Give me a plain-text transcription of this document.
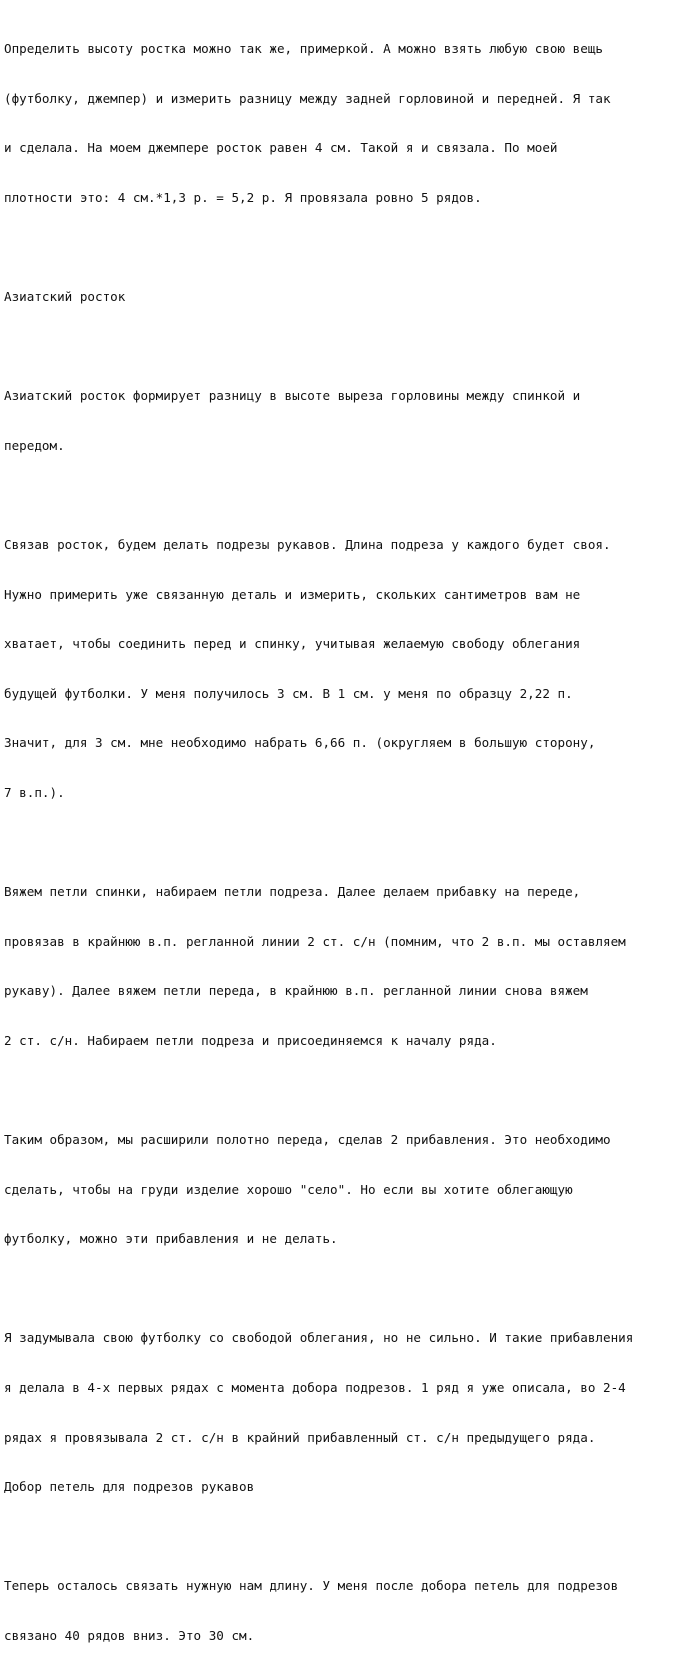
Определить высоту ростка можно так же, примеркой. А можно взять любую свою вещь

(футболку, джемпер) и измерить разницу между задней горловиной и передней. Я так

и сделала. На моем джемпере росток равен 4 см. Такой я и связала. По моей

плотности это: 4 см.*1,3 р. = 5,2 р. Я провязала ровно 5 рядов.

Азиатский росток

Азиатский росток формирует разницу в высоте выреза горловины между спинкой и

передом.

Связав росток, будем делать подрезы рукавов. Длина подреза у каждого будет своя.

Нужно примерить уже связанную деталь и измерить, скольких сантиметров вам не

хватает, чтобы соединить перед и спинку, учитывая желаемую свободу облегания

будущей футболки. У меня получилось 3 см. В 1 см. у меня по образцу 2,22 п.

Значит, для 3 см. мне необходимо набрать 6,66 п. (округляем в большую сторону,

7 в.п.).

Вяжем петли спинки, набираем петли подреза. Далее делаем прибавку на переде,

провязав в крайнюю в.п. регланной линии 2 ст. с/н (помним, что 2 в.п. мы оставляем

рукаву). Далее вяжем петли переда, в крайнюю в.п. регланной линии снова вяжем

2 ст. с/н. Набираем петли подреза и присоединяемся к началу ряда.

Таким образом, мы расширили полотно переда, сделав 2 прибавления. Это необходимо

сделать, чтобы на груди изделие хорошо "село". Но если вы хотите облегающую

футболку, можно эти прибавления и не делать.

Я задумывала свою футболку со свободой облегания, но не сильно. И такие прибавления

я делала в 4-х первых рядах с момента добора подрезов. 1 ряд я уже описала, во 2-4

рядах я провязывала 2 ст. с/н в крайний прибавленный ст. с/н предыдущего ряда.

Добор петель для подрезов рукавов

Теперь осталось связать нужную нам длину. У меня после добора петель для подрезов

связано 40 рядов вниз. Это 30 см.
